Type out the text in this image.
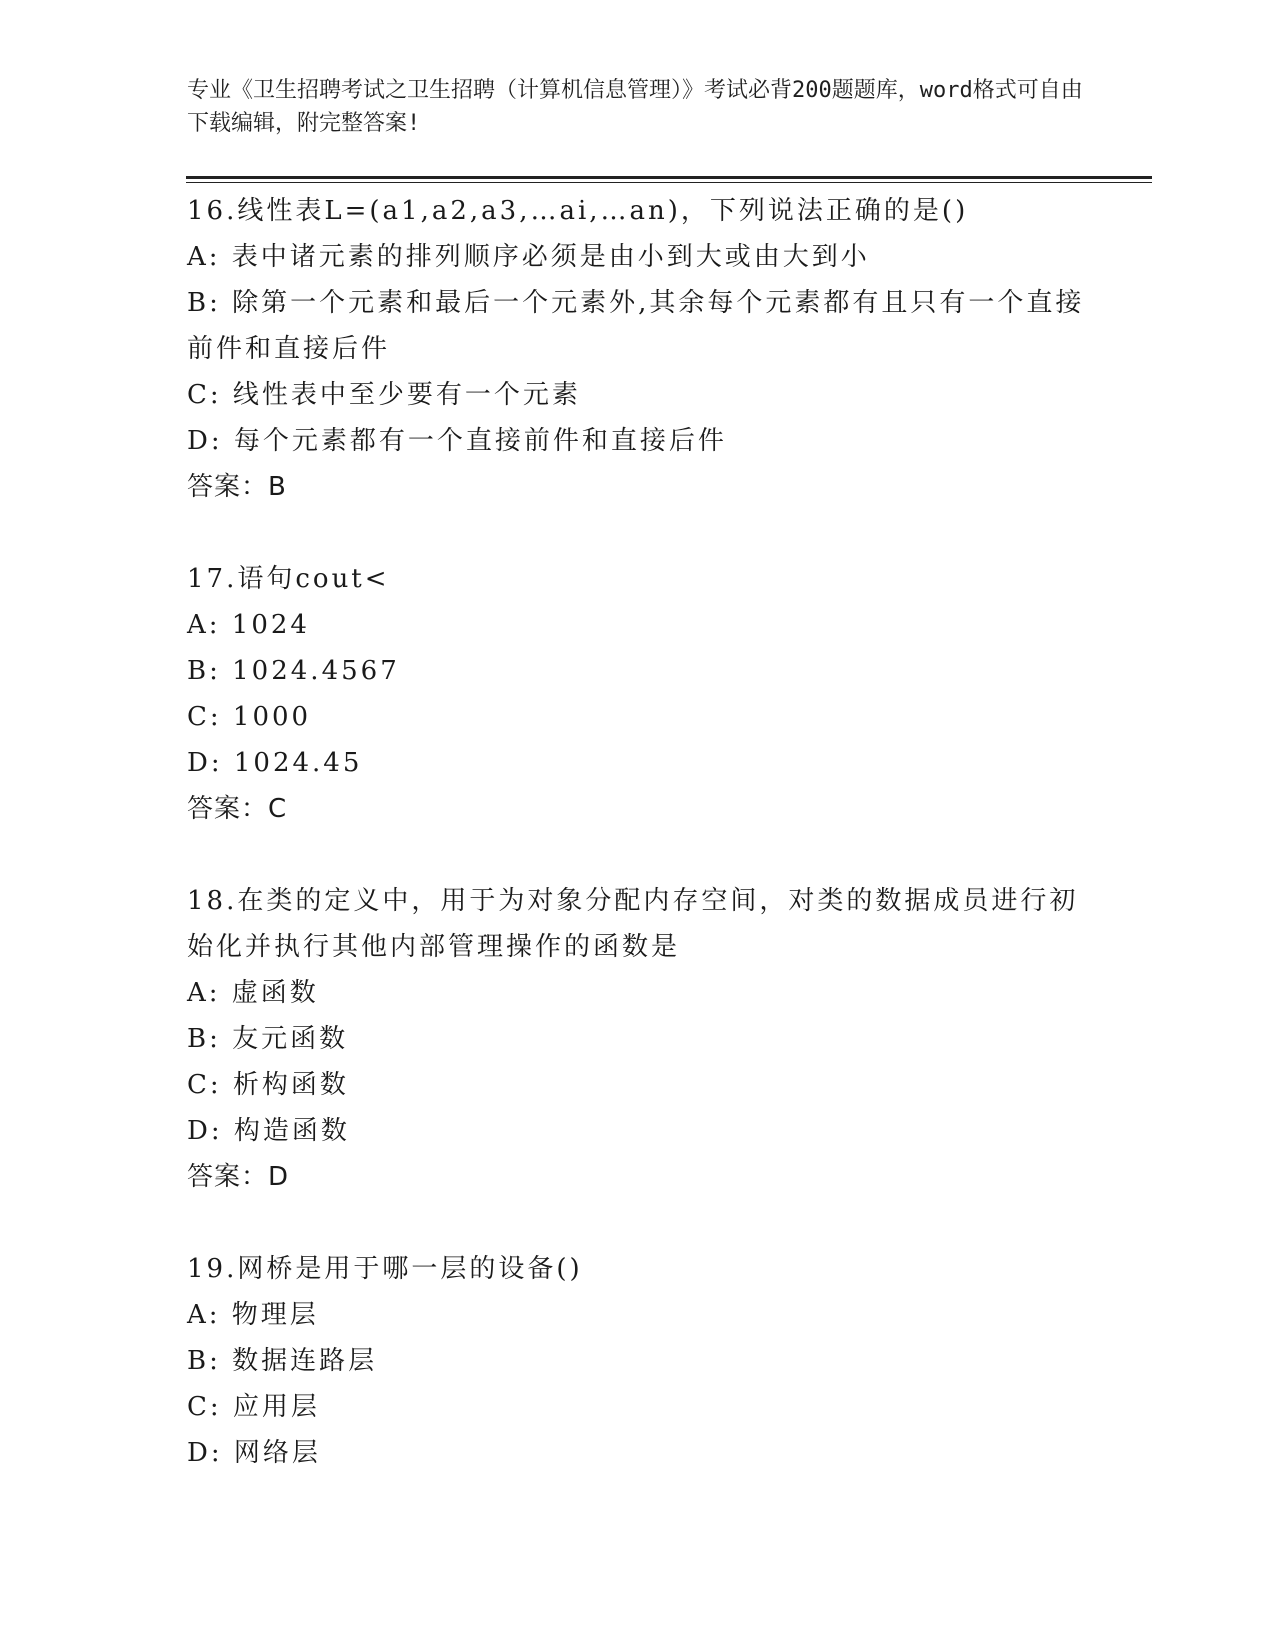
专业《卫生招聘考试之卫生招聘（计算机信息管理）》考试必背200题题库，word格式可自由下载编辑，附完整答案!
16.线性表L=(a1,a2,a3,…ai,…an)，下列说法正确的是()
A: 表中诸元素的排列顺序必须是由小到大或由大到小
B: 除第一个元素和最后一个元素外,其余每个元素都有且只有一个直接前件和直接后件
C: 线性表中至少要有一个元素
D: 每个元素都有一个直接前件和直接后件
答案：B
17.语句cout<
A: 1024
B: 1024.4567
C: 1000
D: 1024.45
答案：C
18.在类的定义中，用于为对象分配内存空间，对类的数据成员进行初始化并执行其他内部管理操作的函数是
A: 虚函数
B: 友元函数
C: 析构函数
D: 构造函数
答案：D
19.网桥是用于哪一层的设备()
A: 物理层
B: 数据连路层
C: 应用层
D: 网络层
